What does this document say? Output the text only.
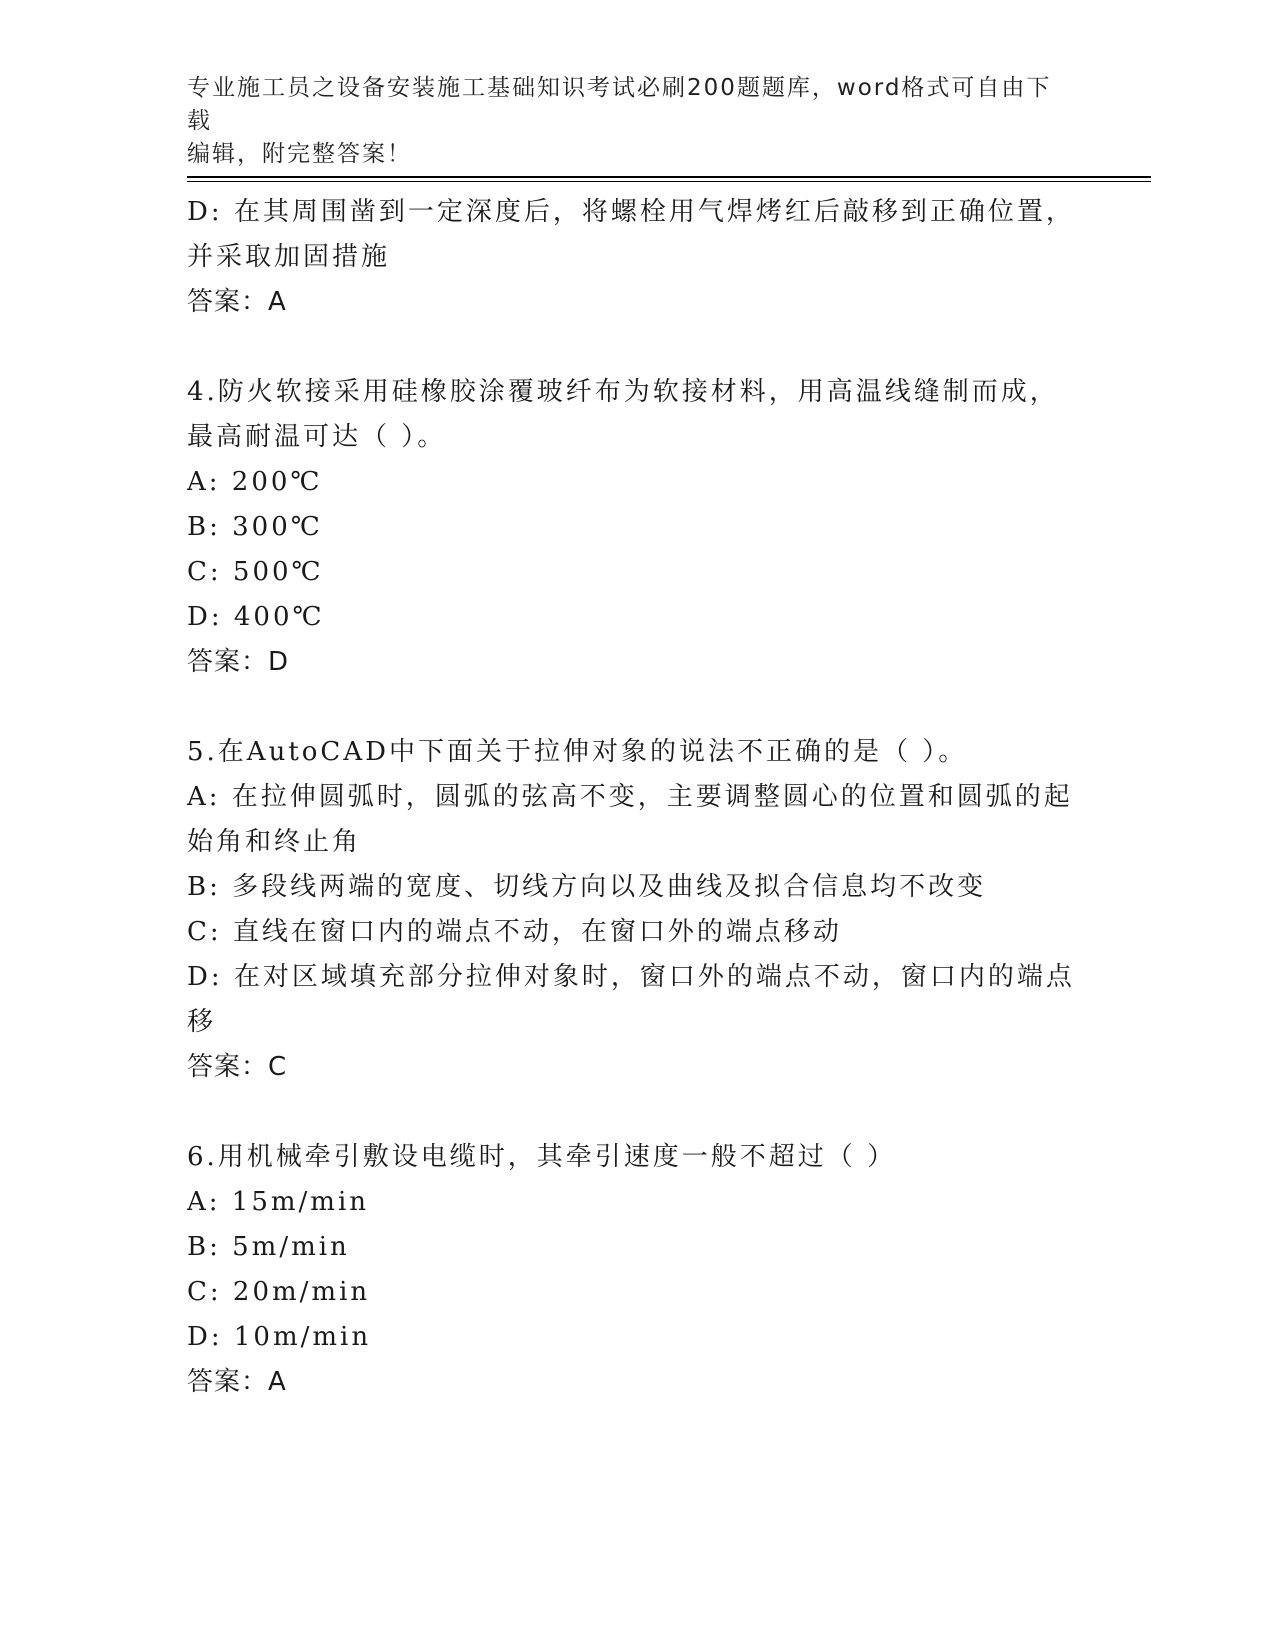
专业施工员之设备安装施工基础知识考试必刷200题题库，word格式可自由下载
编辑，附完整答案！
D: 在其周围凿到一定深度后，将螺栓用气焊烤红后敲移到正确位置，
并采取加固措施
答案：A
4.防火软接采用硅橡胶涂覆玻纤布为软接材料，用高温线缝制而成，
最高耐温可达（ ）。
A: 200℃
B: 300℃
C: 500℃
D: 400℃
答案：D
5.在AutoCAD中下面关于拉伸对象的说法不正确的是（ ）。
A: 在拉伸圆弧时，圆弧的弦高不变，主要调整圆心的位置和圆弧的起
始角和终止角
B: 多段线两端的宽度、切线方向以及曲线及拟合信息均不改变
C: 直线在窗口内的端点不动，在窗口外的端点移动
D: 在对区域填充部分拉伸对象时，窗口外的端点不动，窗口内的端点
移
答案：C
6.用机械牵引敷设电缆时，其牵引速度一般不超过（ ）
A: 15m/min
B: 5m/min
C: 20m/min
D: 10m/min
答案：A
